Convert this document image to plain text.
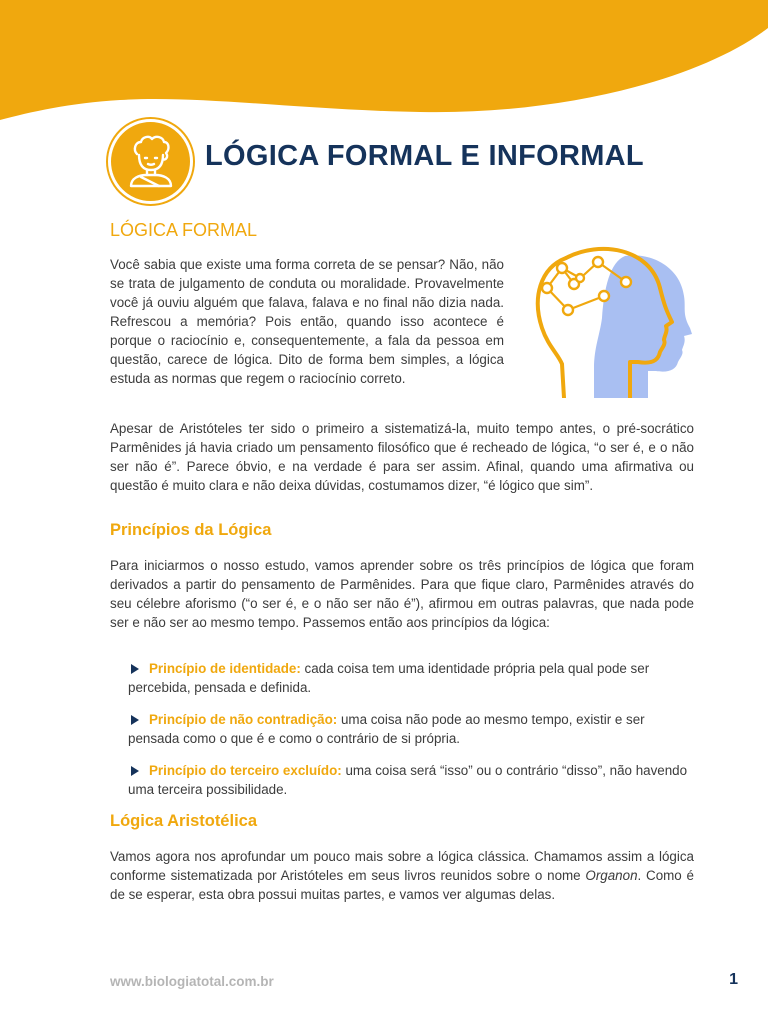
LÓGICA FORMAL E INFORMAL
LÓGICA FORMAL

Você sabia que existe uma forma correta de se pensar? Não, não se trata de julgamento de conduta ou moralidade. Provavelmente você já ouviu alguém que falava, falava e no final não dizia nada. Refrescou a memória? Pois então, quando isso acontece é porque o raciocínio e, consequentemente, a fala da pessoa em questão, carece de lógica. Dito de forma bem simples, a lógica estuda as normas que regem o raciocínio correto.

Apesar de Aristóteles ter sido o primeiro a sistematizá-la, muito tempo antes, o pré-socrático Parmênides já havia criado um pensamento filosófico que é recheado de lógica, “o ser é, e o não ser não é”. Parece óbvio, e na verdade é para ser assim. Afinal, quando uma afirmativa ou questão é muito clara e não deixa dúvidas, costumamos dizer, “é lógico que sim”.

Princípios da Lógica

Para iniciarmos o nosso estudo, vamos aprender sobre os três princípios de lógica que foram derivados a partir do pensamento de Parmênides. Para que fique claro, Parmênides através do seu célebre aforismo (“o ser é, e o não ser não é”), afirmou em outras palavras, que nada pode ser e não ser ao mesmo tempo. Passemos então aos princípios da lógica:

Princípio de identidade: cada coisa tem uma identidade própria pela qual pode ser percebida, pensada e definida.
Princípio de não contradição: uma coisa não pode ao mesmo tempo, existir e ser pensada como o que é e como o contrário de si própria.
Princípio do terceiro excluído: uma coisa será “isso” ou o contrário “disso”, não havendo uma terceira possibilidade.
Lógica Aristotélica

Vamos agora nos aprofundar um pouco mais sobre a lógica clássica. Chamamos assim a lógica conforme sistematizada por Aristóteles em seus livros reunidos sobre o nome Organon. Como é de se esperar, esta obra possui muitas partes, e vamos ver algumas delas.

www.biologiatotal.com.br	1
